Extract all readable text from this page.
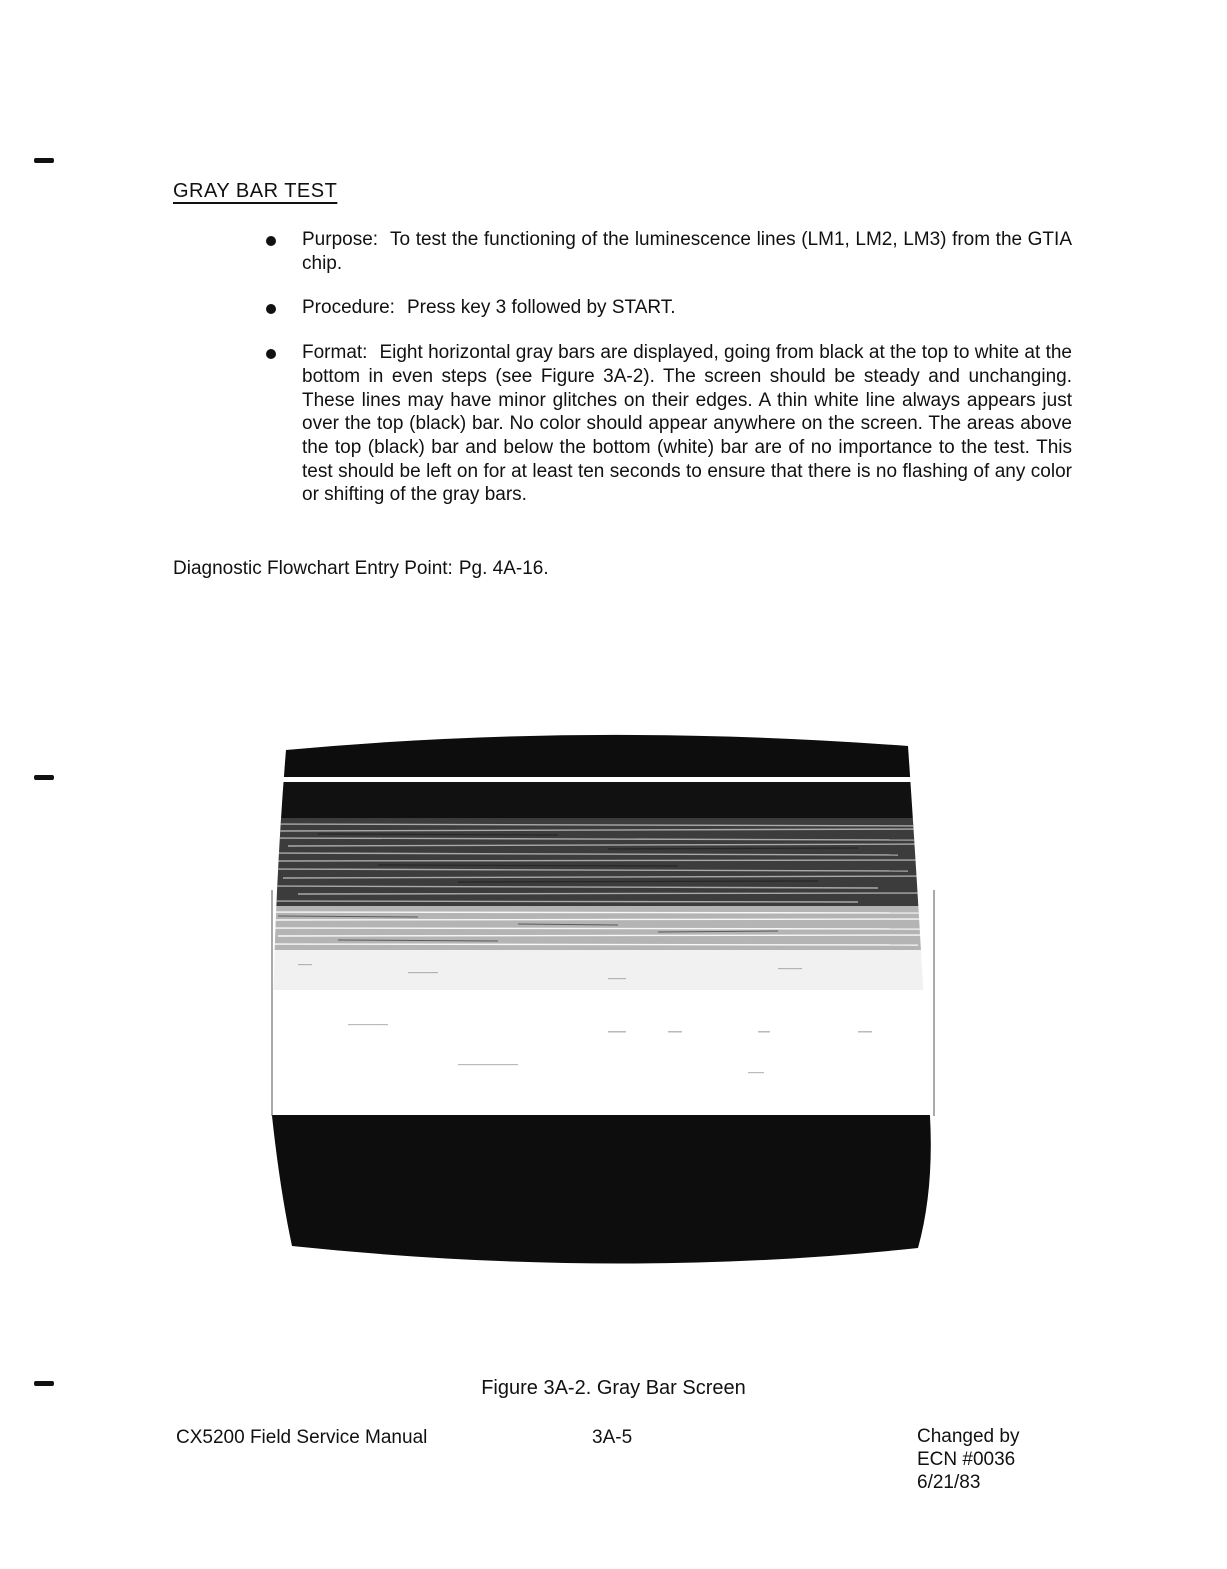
GRAY BAR TEST
Purpose: To test the functioning of the luminescence lines (LM1, LM2, LM3) from the GTIA chip.
Procedure: Press key 3 followed by START.
Format: Eight horizontal gray bars are displayed, going from black at the top to white at the bottom in even steps (see Figure 3A-2). The screen should be steady and unchanging. These lines may have minor glitches on their edges. A thin white line always appears just over the top (black) bar. No color should appear anywhere on the screen. The areas above the top (black) bar and below the bottom (white) bar are of no importance to the test. This test should be left on for at least ten seconds to ensure that there is no flashing of any color or shifting of the gray bars.

Diagnostic Flowchart Entry Point: Pg. 4A-16.

Figure 3A-2. Gray Bar Screen

CX5200 Field Service Manual	3A-5	Changed by
ECN #0036
6/21/83
